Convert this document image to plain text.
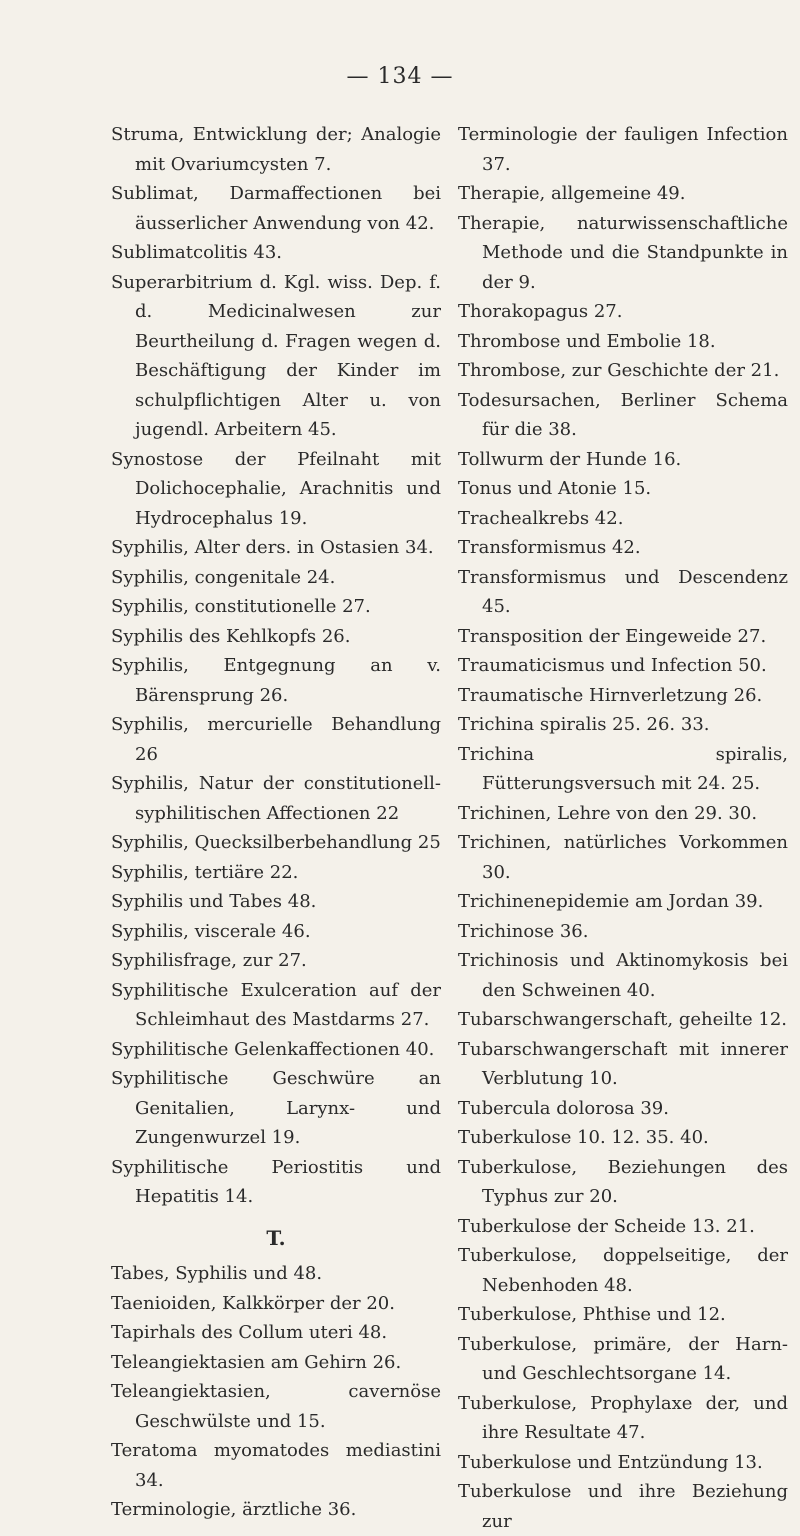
— 134 —
Struma, Entwicklung der; Analogie mit Ovariumcysten 7.
Sublimat, Darmaffectionen bei äusserlicher Anwendung von 42.
Sublimatcolitis 43.
Superarbitrium d. Kgl. wiss. Dep. f. d. Medicinalwesen zur Beurtheilung d. Fragen wegen d. Beschäftigung der Kinder im schulpflichtigen Alter u. von jugendl. Arbeitern 45.
Synostose der Pfeilnaht mit Dolichocephalie, Arachnitis und Hydrocephalus 19.
Syphilis, Alter ders. in Ostasien 34.
Syphilis, congenitale 24.
Syphilis, constitutionelle 27.
Syphilis des Kehlkopfs 26.
Syphilis, Entgegnung an v. Bärensprung 26.
Syphilis, mercurielle Behandlung 26
Syphilis, Natur der constitutionell-syphilitischen Affectionen 22
Syphilis, Quecksilberbehandlung 25
Syphilis, tertiäre 22.
Syphilis und Tabes 48.
Syphilis, viscerale 46.
Syphilisfrage, zur 27.
Syphilitische Exulceration auf der Schleimhaut des Mastdarms 27.
Syphilitische Gelenkaffectionen 40.
Syphilitische Geschwüre an Genitalien, Larynx- und Zungenwurzel 19.
Syphilitische Periostitis und Hepatitis 14.
T.
Tabes, Syphilis und 48.
Taenioiden, Kalkkörper der 20.
Tapirhals des Collum uteri 48.
Teleangiektasien am Gehirn 26.
Teleangiektasien, cavernöse Geschwülste und 15.
Teratoma myomatodes mediastini 34.
Terminologie, ärztliche 36.
Terminologie der fauligen Infection 37.
Therapie, allgemeine 49.
Therapie, naturwissenschaftliche Methode und die Standpunkte in der 9.
Thorakopagus 27.
Thrombose und Embolie 18.
Thrombose, zur Geschichte der 21.
Todesursachen, Berliner Schema für die 38.
Tollwurm der Hunde 16.
Tonus und Atonie 15.
Trachealkrebs 42.
Transformismus 42.
Transformismus und Descendenz 45.
Transposition der Eingeweide 27.
Traumaticismus und Infection 50.
Traumatische Hirnverletzung 26.
Trichina spiralis 25. 26. 33.
Trichina spiralis, Fütterungsversuch mit 24. 25.
Trichinen, Lehre von den 29. 30.
Trichinen, natürliches Vorkommen 30.
Trichinenepidemie am Jordan 39.
Trichinose 36.
Trichinosis und Aktinomykosis bei den Schweinen 40.
Tubarschwangerschaft, geheilte 12.
Tubarschwangerschaft mit innerer Verblutung 10.
Tubercula dolorosa 39.
Tuberkulose 10. 12. 35. 40.
Tuberkulose, Beziehungen des Typhus zur 20.
Tuberkulose der Scheide 13. 21.
Tuberkulose, doppelseitige, der Nebenhoden 48.
Tuberkulose, Phthise und 12.
Tuberkulose, primäre, der Harn- und Geschlechtsorgane 14.
Tuberkulose, Prophylaxe der, und ihre Resultate 47.
Tuberkulose und Entzündung 13.
Tuberkulose und ihre Beziehung zur
